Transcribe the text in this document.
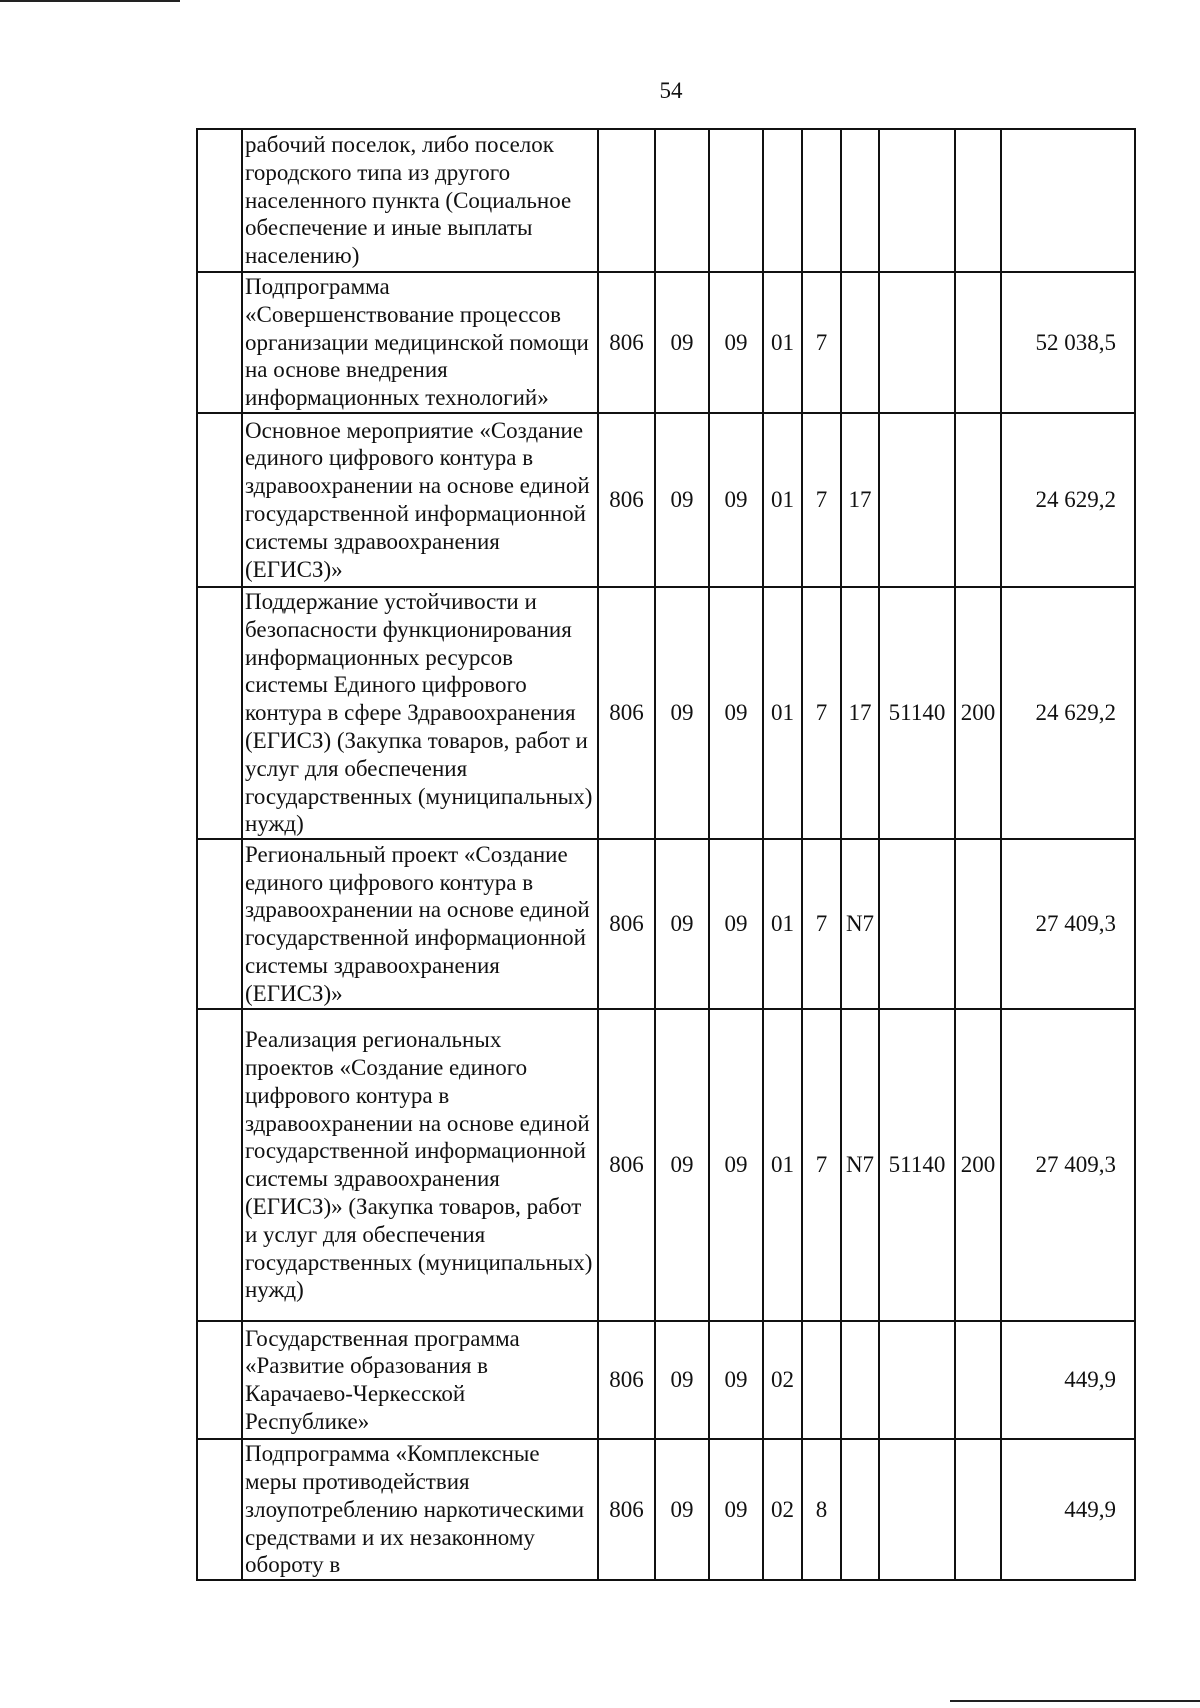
54
	рабочий поселок, либо поселок городского типа из другого населенного пункта (Социальное обеспечение и иные выплаты населению)									
	Подпрограмма «Совершенствование процессов организации медицинской помощи на основе внедрения информационных технологий»	806	09	09	01	7				52 038,5
	Основное мероприятие «Создание единого цифрового контура в здравоохранении на основе единой государственной информационной системы здравоохранения (ЕГИСЗ)»	806	09	09	01	7	17			24 629,2
	Поддержание устойчивости и безопасности функционирования информационных ресурсов системы Единого цифрового контура в сфере Здравоохранения (ЕГИСЗ) (Закупка товаров, работ и услуг для обеспечения государственных (муниципальных) нужд)	806	09	09	01	7	17	51140	200	24 629,2
	Региональный проект «Создание единого цифрового контура в здравоохранении на основе единой государственной информационной системы здравоохранения (ЕГИСЗ)»	806	09	09	01	7	N7			27 409,3
	Реализация региональных проектов «Создание единого цифрового контура в здравоохранении на основе единой государственной информационной системы здравоохранения (ЕГИСЗ)» (Закупка товаров, работ и услуг для обеспечения государственных (муниципальных) нужд)	806	09	09	01	7	N7	51140	200	27 409,3
	Государственная программа «Развитие образования в Карачаево-Черкесской Республике»	806	09	09	02					449,9
	Подпрограмма «Комплексные меры противодействия злоупотреблению наркотическими средствами и их незаконному обороту в	806	09	09	02	8				449,9
